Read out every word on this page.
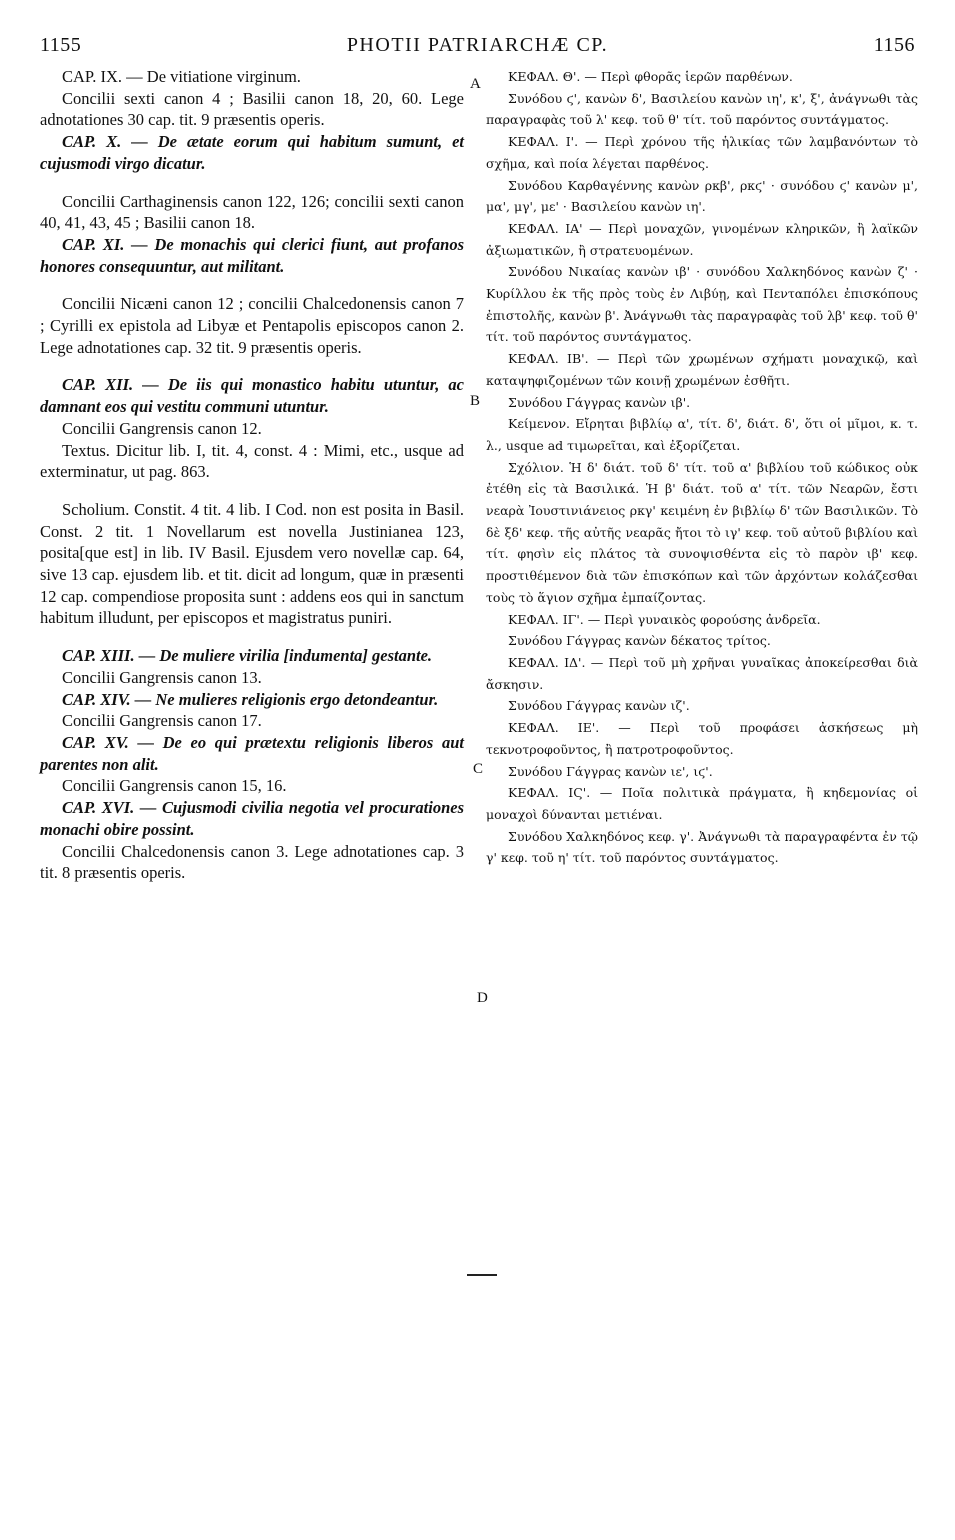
1155	PHOTII PATRIARCHÆ CP.	1156
A
B
C
D

CAP. IX. — De vitiatione virginum.

Concilii sexti canon 4 ; Basilii canon 18, 20, 60. Lege adnotationes 30 cap. tit. 9 præsentis operis.

CAP. X. — De ætate eorum qui habitum sumunt, et cujusmodi virgo dicatur.

Concilii Carthaginensis canon 122, 126; concilii sexti canon 40, 41, 43, 45 ; Basilii canon 18.

CAP. XI. — De monachis qui clerici fiunt, aut profanos honores consequuntur, aut militant.

Concilii Nicæni canon 12 ; concilii Chalcedonensis canon 7 ; Cyrilli ex epistola ad Libyæ et Pentapolis episcopos canon 2. Lege adnotationes cap. 32 tit. 9 præsentis operis.

CAP. XII. — De iis qui monastico habitu utuntur, ac damnant eos qui vestitu communi utuntur.

Concilii Gangrensis canon 12.

Textus. Dicitur lib. I, tit. 4, const. 4 : Mimi, etc., usque ad exterminatur, ut pag. 863.

Scholium. Constit. 4 tit. 4 lib. I Cod. non est posita in Basil. Const. 2 tit. 1 Novellarum est novella Justinianea 123, posita[que est] in lib. IV Basil. Ejusdem vero novellæ cap. 64, sive 13 cap. ejusdem lib. et tit. dicit ad longum, quæ in præsenti 12 cap. compendiose proposita sunt : addens eos qui in sanctum habitum illudunt, per episcopos et magistratus puniri.

CAP. XIII. — De muliere virilia [indumenta] gestante.

Concilii Gangrensis canon 13.

CAP. XIV. — Ne mulieres religionis ergo detondeantur.

Concilii Gangrensis canon 17.

CAP. XV. — De eo qui prætextu religionis liberos aut parentes non alit.

Concilii Gangrensis canon 15, 16.

CAP. XVI. — Cujusmodi civilia negotia vel procurationes monachi obire possint.

Concilii Chalcedonensis canon 3. Lege adnotationes cap. 3 tit. 8 præsentis operis.

ΚΕΦΑΛ. Θ'. — Περὶ φθορᾶς ἱερῶν παρθένων.

Συνόδου ϛ', κανὼν δ', Βασιλείου κανὼν ιη', κ', ξ', ἀνάγνωθι τὰς παραγραφὰς τοῦ λ' κεφ. τοῦ θ' τίτ. τοῦ παρόντος συντάγματος.

ΚΕΦΑΛ. Ι'. — Περὶ χρόνου τῆς ἡλικίας τῶν λαμβανόντων τὸ σχῆμα, καὶ ποία λέγεται παρθένος.

Συνόδου Καρθαγέννης κανὼν ρκβ', ρκϛ' · συνόδου ϛ' κανὼν μ', μα', μγ', με' · Βασιλείου κανὼν ιη'.

ΚΕΦΑΛ. ΙΑ' — Περὶ μοναχῶν, γινομένων κληρικῶν, ἢ λαϊκῶν ἀξιωματικῶν, ἢ στρατευομένων.

Συνόδου Νικαίας κανὼν ιβ' · συνόδου Χαλκηδόνος κανὼν ζ' · Κυρίλλου ἐκ τῆς πρὸς τοὺς ἐν Λιβύῃ, καὶ Πενταπόλει ἐπισκόπους ἐπιστολῆς, κανὼν β'. Ἀνάγνωθι τὰς παραγραφὰς τοῦ λβ' κεφ. τοῦ θ' τίτ. τοῦ παρόντος συντάγματος.

ΚΕΦΑΛ. ΙΒ'. — Περὶ τῶν χρωμένων σχήματι μοναχικῷ, καὶ καταψηφιζομένων τῶν κοινῇ χρωμένων ἐσθῆτι.

Συνόδου Γάγγρας κανὼν ιβ'.

Κείμενον. Εἴρηται βιβλίῳ α', τίτ. δ', διάτ. δ', ὅτι οἱ μῖμοι, κ. τ. λ., usque ad τιμωρεῖται, καὶ ἐξορίζεται.

Σχόλιον. Ἡ δ' διάτ. τοῦ δ' τίτ. τοῦ α' βιβλίου τοῦ κώδικος οὐκ ἐτέθη εἰς τὰ Βασιλικά. Ἡ β' διάτ. τοῦ α' τίτ. τῶν Νεαρῶν, ἔστι νεαρὰ Ἰουστινιάνειος ρκγ' κειμένη ἐν βιβλίῳ δ' τῶν Βασιλικῶν. Τὸ δὲ ξδ' κεφ. τῆς αὐτῆς νεαρᾶς ἤτοι τὸ ιγ' κεφ. τοῦ αὐτοῦ βιβλίου καὶ τίτ. φησὶν εἰς πλάτος τὰ συνοψισθέντα εἰς τὸ παρὸν ιβ' κεφ. προστιθέμενον διὰ τῶν ἐπισκόπων καὶ τῶν ἀρχόντων κολάζεσθαι τοὺς τὸ ἅγιον σχῆμα ἐμπαίζοντας.

ΚΕΦΑΛ. ΙΓ'. — Περὶ γυναικὸς φορούσης ἀνδρεῖα.

Συνόδου Γάγγρας κανὼν δέκατος τρίτος.

ΚΕΦΑΛ. ΙΔ'. — Περὶ τοῦ μὴ χρῆναι γυναῖκας ἀποκείρεσθαι διὰ ἄσκησιν.

Συνόδου Γάγγρας κανὼν ιζ'.

ΚΕΦΑΛ. ΙΕ'. — Περὶ τοῦ προφάσει ἀσκήσεως μὴ τεκνοτροφοῦντος, ἢ πατροτροφοῦντος.

Συνόδου Γάγγρας κανὼν ιε', ιϛ'.

ΚΕΦΑΛ. ΙϚ'. — Ποῖα πολιτικὰ πράγματα, ἢ κηδεμονίας οἱ μοναχοὶ δύνανται μετιέναι.

Συνόδου Χαλκηδόνος κεφ. γ'. Ἀνάγνωθι τὰ παραγραφέντα ἐν τῷ γ' κεφ. τοῦ η' τίτ. τοῦ παρόντος συντάγματος.
